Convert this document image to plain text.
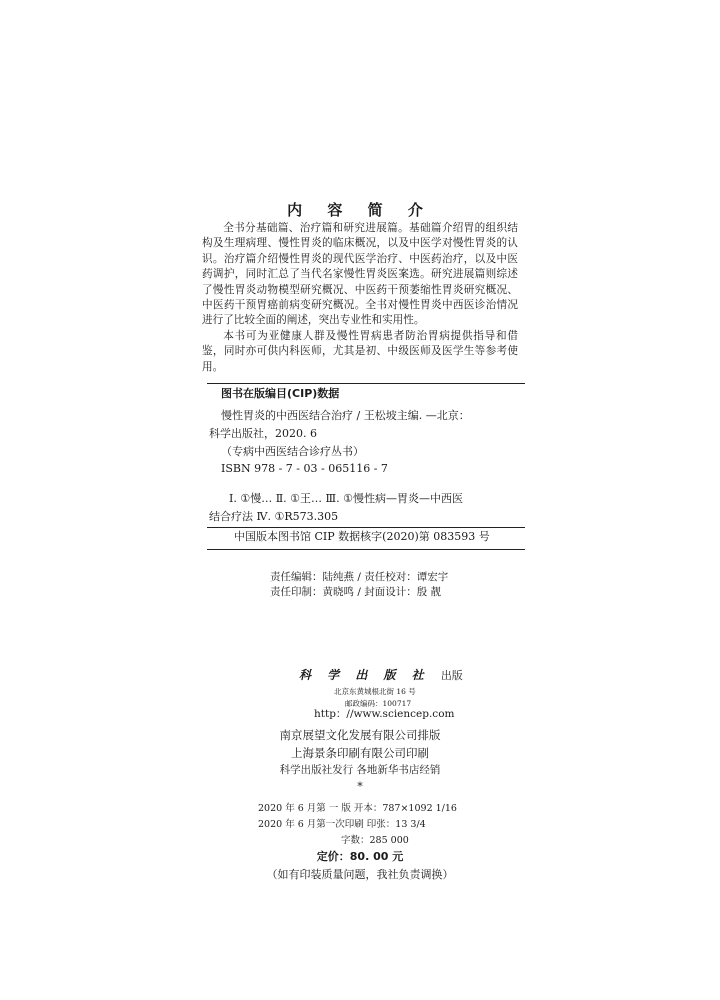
内 容 简 介

全书分基础篇、治疗篇和研究进展篇。基础篇介绍胃的组织结构及生理病理、慢性胃炎的临床概况，以及中医学对慢性胃炎的认识。治疗篇介绍慢性胃炎的现代医学治疗、中医药治疗，以及中医药调护，同时汇总了当代名家慢性胃炎医案选。研究进展篇则综述了慢性胃炎动物模型研究概况、中医药干预萎缩性胃炎研究概况、中医药干预胃癌前病变研究概况。全书对慢性胃炎中西医诊治情况进行了比较全面的阐述，突出专业性和实用性。

本书可为亚健康人群及慢性胃病患者防治胃病提供指导和借鉴，同时亦可供内科医师，尤其是初、中级医师及医学生等参考使用。

图书在版编目(CIP)数据
慢性胃炎的中西医结合治疗 / 王松坡主编. —北京：
科学出版社，2020. 6
（专病中西医结合诊疗丛书）
ISBN 978 - 7 - 03 - 065116 - 7
Ⅰ. ①慢… Ⅱ. ①王… Ⅲ. ①慢性病—胃炎—中西医
结合疗法 Ⅳ. ①R573.305
中国版本图书馆 CIP 数据核字(2020)第 083593 号
责任编辑：陆纯燕 / 责任校对：谭宏宇
责任印制：黄晓鸣 / 封面设计：殷 靓
科 学 出 版 社 出版
北京东黄城根北街 16 号
邮政编码：100717
http：//www.sciencep.com
南京展望文化发展有限公司排版
上海景条印刷有限公司印刷
科学出版社发行 各地新华书店经销
*
2020 年 6 月第 一 版 开本：787×1092 1/16
2020 年 6 月第一次印刷 印张：13 3/4
字数：285 000
定价：80. 00 元
（如有印装质量问题，我社负责调换）
